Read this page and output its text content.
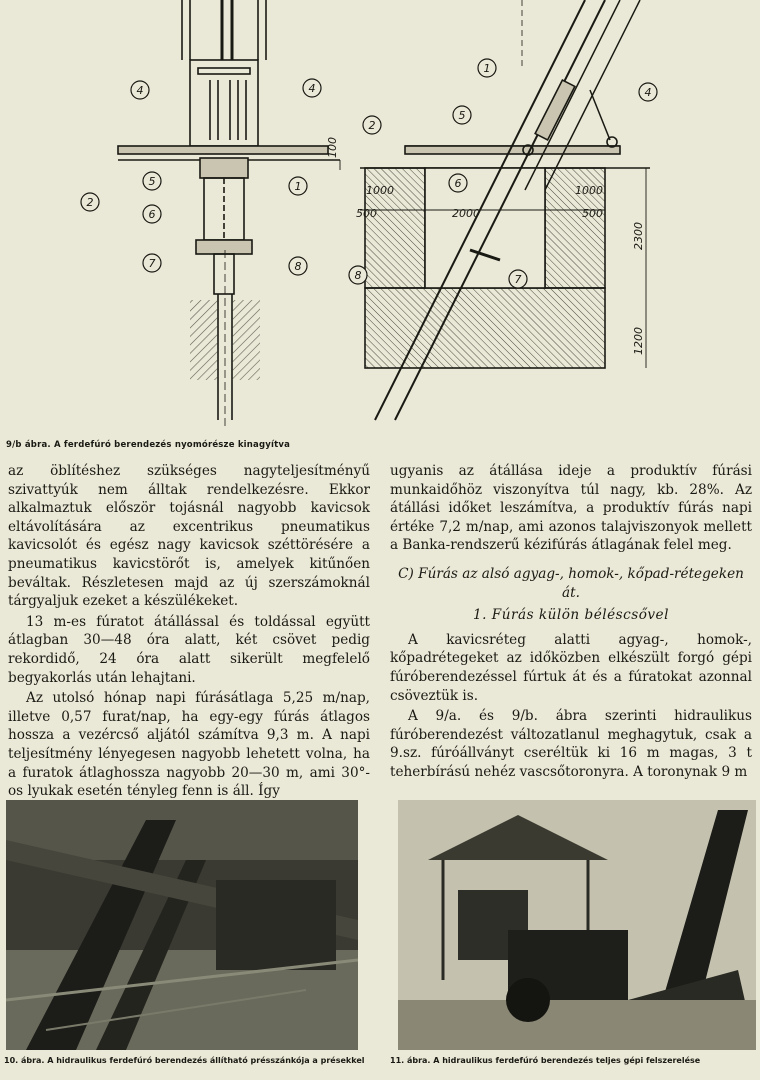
4	4
2
5
6
1
7	8
1
4
2
5
6
7
8
100
1000	1000
500	2000	500
2300
1200
9/b ábra. A ferdefúró berendezés nyomórésze kinagyítva

az öblítéshez szükséges nagyteljesítményű szivattyúk nem álltak rendelkezésre. Ekkor alkalmaztuk először tojásnál nagyobb kavicsok eltávolítására az excentrikus pneumatikus kavicsolót és egész nagy kavicsok széttörésére a pneumatikus kavicstörőt is, amelyek kitűnően beváltak. Részletesen majd az új szerszámoknál tárgyaljuk ezeket a készülékeket.

13 m-es fúratot átállással és toldással együtt átlagban 30—48 óra alatt, két csövet pedig rekordidő, 24 óra alatt sikerült megfelelő begyakorlás után lehajtani.

Az utolsó hónap napi fúrásátlaga 5,25 m/nap, illetve 0,57 furat/nap, ha egy-egy fúrás átlagos hossza a vezércső aljától számítva 9,3 m. A napi teljesítmény lényegesen nagyobb lehetett volna, ha a furatok átlaghossza nagyobb 20—30 m, ami 30°-os lyukak esetén tényleg fenn is áll. Így

ugyanis az átállása ideje a produktív fúrási munkaidőhöz viszonyítva túl nagy, kb. 28%. Az átállási időket leszámítva, a produktív fúrás napi értéke 7,2 m/nap, ami azonos talajviszonyok mellett a Banka-rendszerű kézifúrás átlagának felel meg.

C) Fúrás az alsó agyag-, homok-, kőpad-rétegeken át.

1. Fúrás külön béléscsővel

A kavicsréteg alatti agyag-, homok-, kőpadrétegeket az időközben elkészült forgó gépi fúróberendezéssel fúrtuk át és a fúratokat azonnal csöveztük is.

A 9/a. és 9/b. ábra szerinti hidraulikus fúróberendezést változatlanul meghagytuk, csak a 9.sz. fúróállványt cseréltük ki 16 m magas, 3 t teherbírású nehéz vascsőtoronyra. A toronynak 9 m

10. ábra. A hidraulikus ferdefúró berendezés állítható présszánkója a présekkel	11. ábra. A hidraulikus ferdefúró berendezés teljes gépi felszerelése
